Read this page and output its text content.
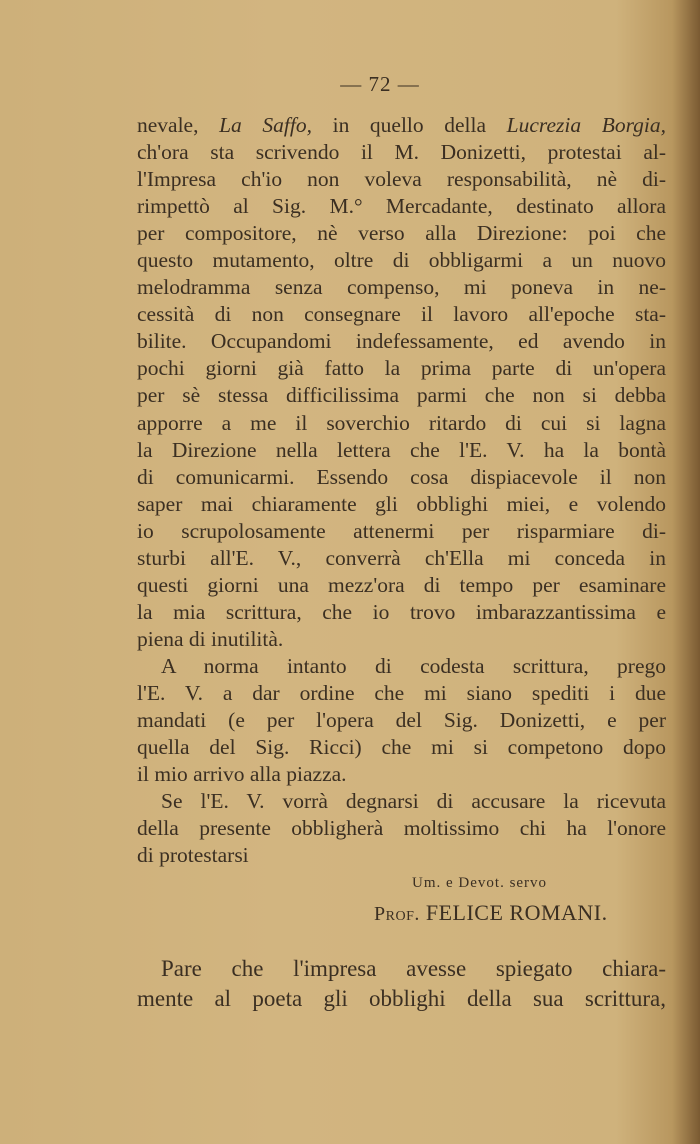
— 72 —
nevale, La Saffo, in quello della Lucrezia Borgia,
ch'ora sta scrivendo il M. Donizetti, protestai al-
l'Impresa ch'io non voleva responsabilità, nè di-
rimpettò al Sig. M.° Mercadante, destinato allora
per compositore, nè verso alla Direzione: poi che
questo mutamento, oltre di obbligarmi a un nuovo
melodramma senza compenso, mi poneva in ne-
cessità di non consegnare il lavoro all'epoche sta-
bilite. Occupandomi indefessamente, ed avendo in
pochi giorni già fatto la prima parte di un'opera
per sè stessa difficilissima parmi che non si debba
apporre a me il soverchio ritardo di cui si lagna
la Direzione nella lettera che l'E. V. ha la bontà
di comunicarmi. Essendo cosa dispiacevole il non
saper mai chiaramente gli obblighi miei, e volendo
io scrupolosamente attenermi per risparmiare di-
sturbi all'E. V., converrà ch'Ella mi conceda in
questi giorni una mezz'ora di tempo per esaminare
la mia scrittura, che io trovo imbarazzantissima e
piena di inutilità.
A norma intanto di codesta scrittura, prego
l'E. V. a dar ordine che mi siano spediti i due
mandati (e per l'opera del Sig. Donizetti, e per
quella del Sig. Ricci) che mi si competono dopo
il mio arrivo alla piazza.
Se l'E. V. vorrà degnarsi di accusare la ricevuta
della presente obbligherà moltissimo chi ha l'onore
di protestarsi
Um. e Devot. servo
Prof. FELICE ROMANI.
Pare che l'impresa avesse spiegato chiara-
mente al poeta gli obblighi della sua scrittura,
